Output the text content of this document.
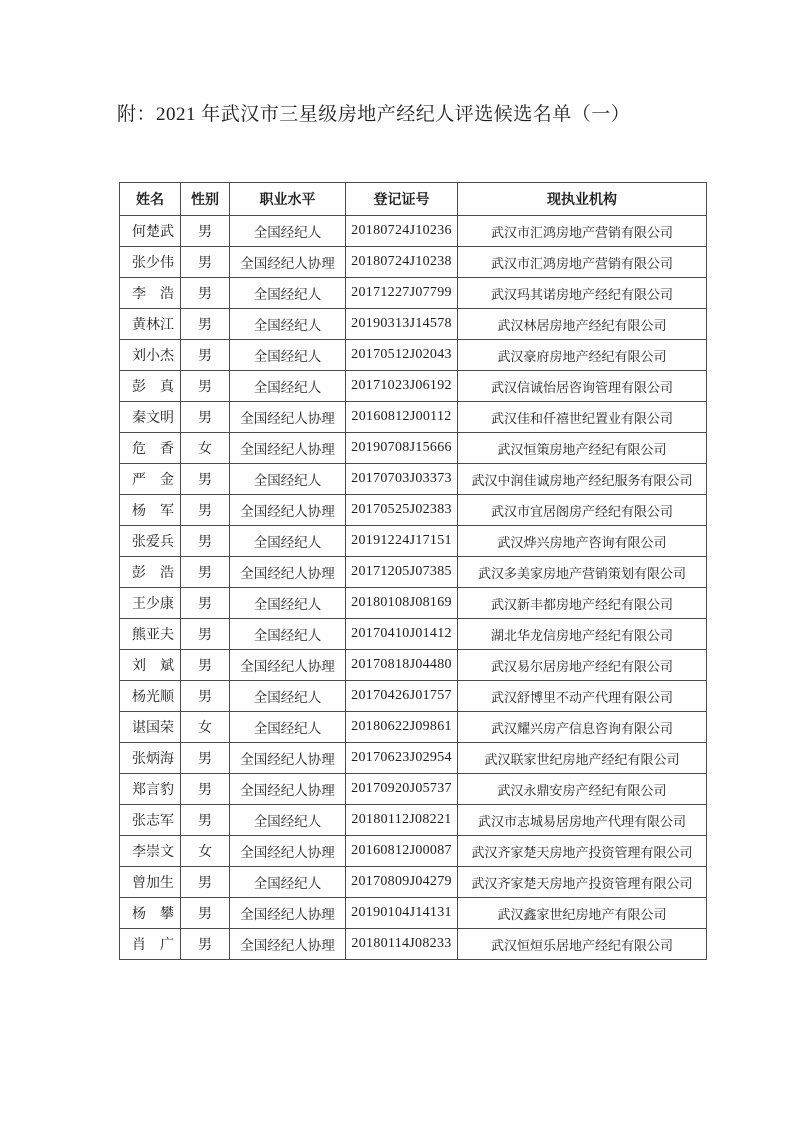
附：2021 年武汉市三星级房地产经纪人评选候选名单（一）
姓名	性别	职业水平	登记证号	现执业机构
何楚武	男	全国经纪人	20180724J10236	武汉市汇鸿房地产营销有限公司
张少伟	男	全国经纪人协理	20180724J10238	武汉市汇鸿房地产营销有限公司
李　浩	男	全国经纪人	20171227J07799	武汉玛其诺房地产经纪有限公司
黄林江	男	全国经纪人	20190313J14578	武汉林居房地产经纪有限公司
刘小杰	男	全国经纪人	20170512J02043	武汉豪府房地产经纪有限公司
彭　真	男	全国经纪人	20171023J06192	武汉信诚怡居咨询管理有限公司
秦文明	男	全国经纪人协理	20160812J00112	武汉佳和仟禧世纪置业有限公司
危　香	女	全国经纪人协理	20190708J15666	武汉恒策房地产经纪有限公司
严　金	男	全国经纪人	20170703J03373	武汉中润佳诚房地产经纪服务有限公司
杨　军	男	全国经纪人协理	20170525J02383	武汉市宜居阁房产经纪有限公司
张爱兵	男	全国经纪人	20191224J17151	武汉烨兴房地产咨询有限公司
彭　浩	男	全国经纪人协理	20171205J07385	武汉多美家房地产营销策划有限公司
王少康	男	全国经纪人	20180108J08169	武汉新丰都房地产经纪有限公司
熊亚夫	男	全国经纪人	20170410J01412	湖北华龙信房地产经纪有限公司
刘　斌	男	全国经纪人协理	20170818J04480	武汉易尔居房地产经纪有限公司
杨光顺	男	全国经纪人	20170426J01757	武汉舒博里不动产代理有限公司
谌国荣	女	全国经纪人	20180622J09861	武汉耀兴房产信息咨询有限公司
张炳海	男	全国经纪人协理	20170623J02954	武汉联家世纪房地产经纪有限公司
郑言豹	男	全国经纪人协理	20170920J05737	武汉永鼎安房产经纪有限公司
张志军	男	全国经纪人	20180112J08221	武汉市志城易居房地产代理有限公司
李崇文	女	全国经纪人协理	20160812J00087	武汉齐家楚天房地产投资管理有限公司
曾加生	男	全国经纪人	20170809J04279	武汉齐家楚天房地产投资管理有限公司
杨　攀	男	全国经纪人协理	20190104J14131	武汉鑫家世纪房地产有限公司
肖　广	男	全国经纪人协理	20180114J08233	武汉恒烜乐居地产经纪有限公司
